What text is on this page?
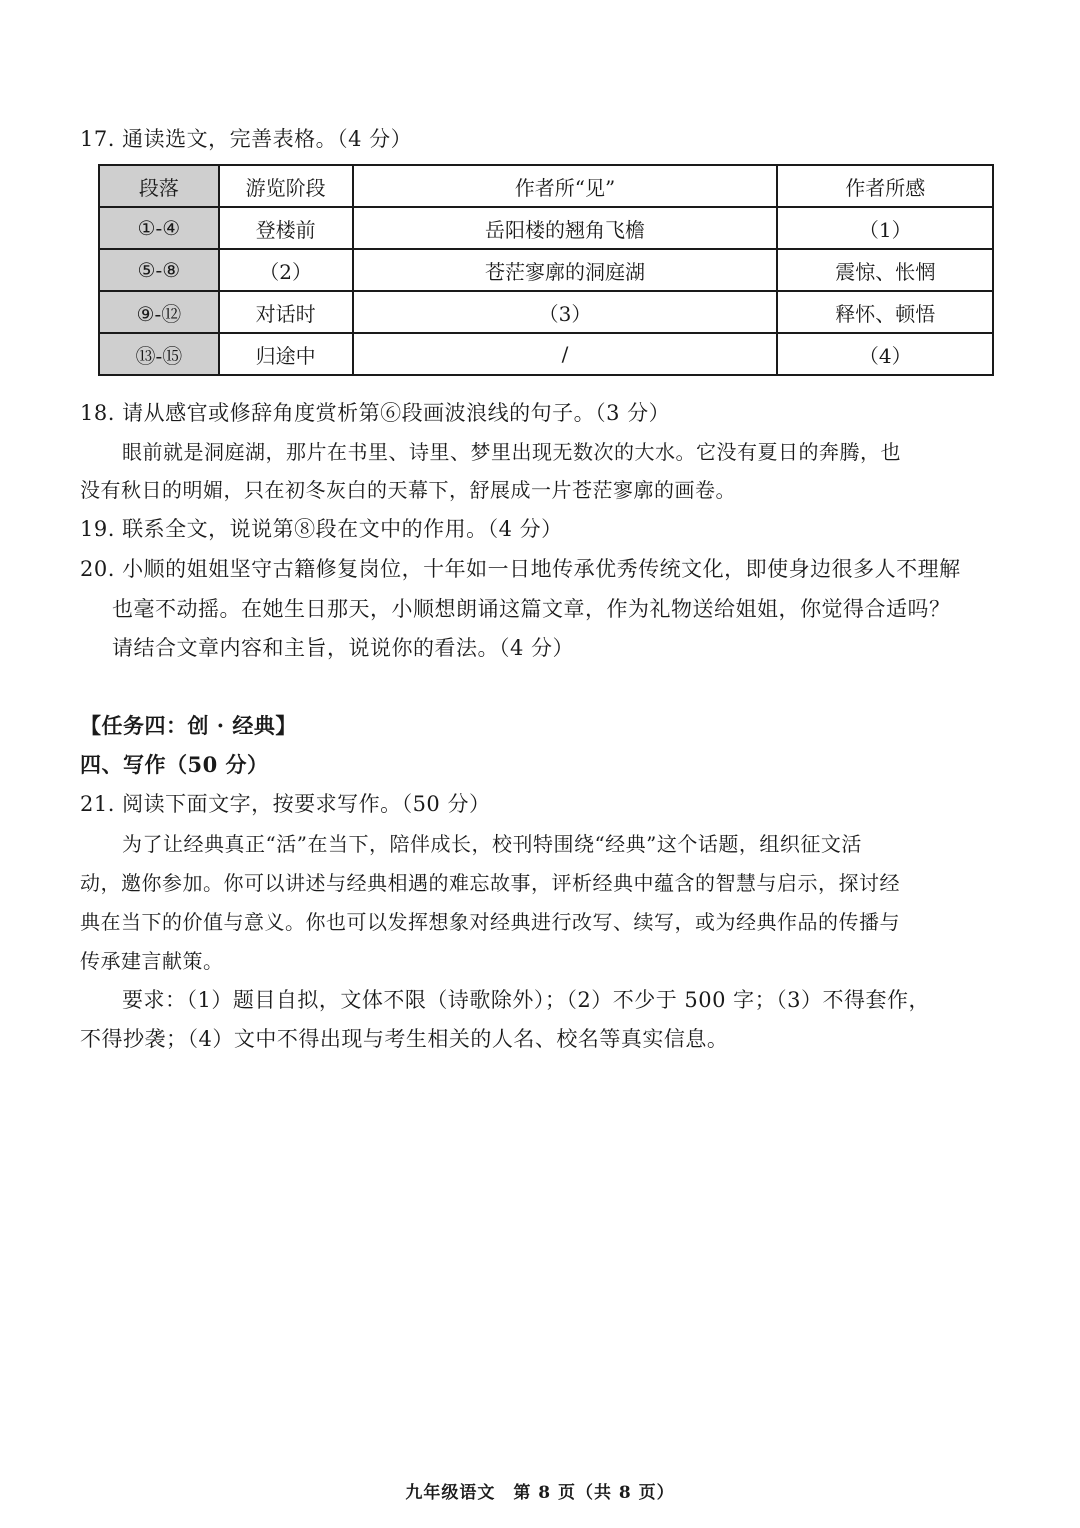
17. 通读选文，完善表格。（4 分）
段落	游览阶段	作者所“见”	作者所感
①-④	登楼前	岳阳楼的翘角飞檐	（1）
⑤-⑧	（2）	苍茫寥廓的洞庭湖	震惊、怅惘
⑨-⑫	对话时	（3）	释怀、顿悟
⑬-⑮	归途中	/	（4）
18. 请从感官或修辞角度赏析第⑥段画波浪线的句子。（3 分）
眼前就是洞庭湖，那片在书里、诗里、梦里出现无数次的大水。它没有夏日的奔腾，也
没有秋日的明媚，只在初冬灰白的天幕下，舒展成一片苍茫寥廓的画卷。
19. 联系全文，说说第⑧段在文中的作用。（4 分）
20. 小顺的姐姐坚守古籍修复岗位，十年如一日地传承优秀传统文化，即使身边很多人不理解
也毫不动摇。在她生日那天，小顺想朗诵这篇文章，作为礼物送给姐姐，你觉得合适吗？
请结合文章内容和主旨，说说你的看法。（4 分）
【任务四：创 · 经典】
四、写作（50 分）
21. 阅读下面文字，按要求写作。（50 分）
为了让经典真正“活”在当下，陪伴成长，校刊特围绕“经典”这个话题，组织征文活
动，邀你参加。你可以讲述与经典相遇的难忘故事，评析经典中蕴含的智慧与启示，探讨经
典在当下的价值与意义。你也可以发挥想象对经典进行改写、续写，或为经典作品的传播与
传承建言献策。
要求：（1）题目自拟，文体不限（诗歌除外）；（2）不少于 500 字；（3）不得套作，
不得抄袭；（4）文中不得出现与考生相关的人名、校名等真实信息。
九年级语文　第 8 页（共 8 页）
